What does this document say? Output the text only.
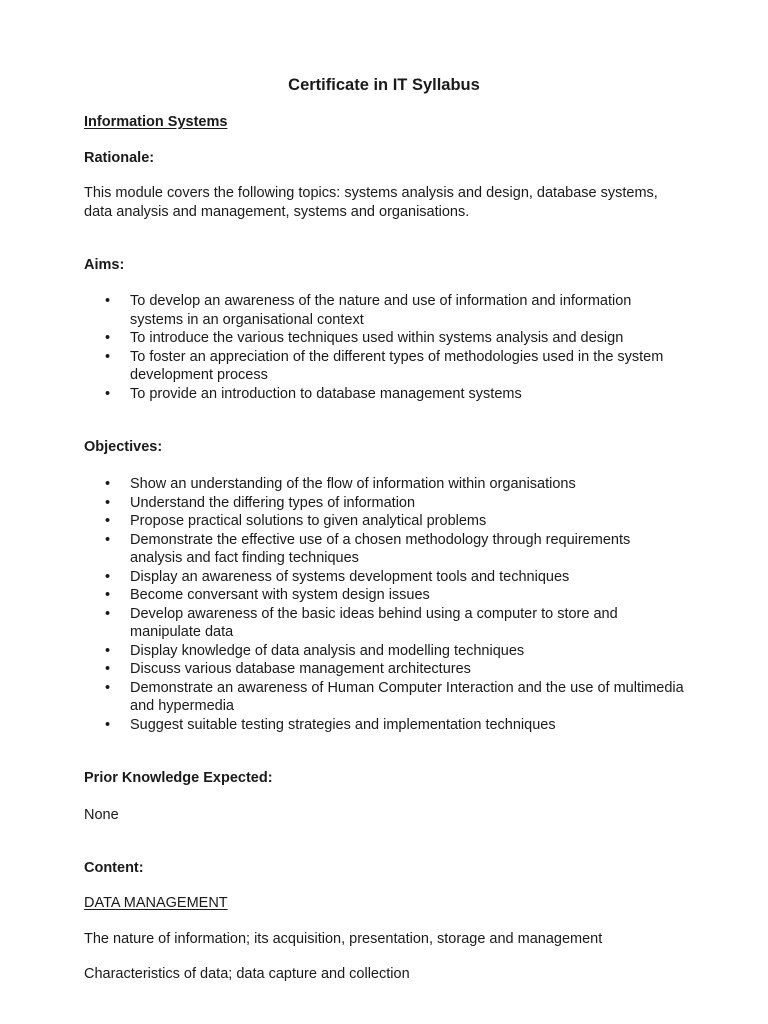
Certificate in IT Syllabus
Information Systems
Rationale:
This module covers the following topics: systems analysis and design, database systems, data analysis and management, systems and organisations.
Aims:
• To develop an awareness of the nature and use of information and information systems in an organisational context
• To introduce the various techniques used within systems analysis and design
• To foster an appreciation of the different types of methodologies used in the system development process
• To provide an introduction to database management systems
Objectives:
• Show an understanding of the flow of information within organisations
• Understand the differing types of information
• Propose practical solutions to given analytical problems
• Demonstrate the effective use of a chosen methodology through requirements analysis and fact finding techniques
• Display an awareness of systems development tools and techniques
• Become conversant with system design issues
• Develop awareness of the basic ideas behind using a computer to store and manipulate data
• Display knowledge of data analysis and modelling techniques
• Discuss various database management architectures
• Demonstrate an awareness of Human Computer Interaction and the use of multimedia and hypermedia
• Suggest suitable testing strategies and implementation techniques
Prior Knowledge Expected:
None
Content:
DATA MANAGEMENT
The nature of information; its acquisition, presentation, storage and management
Characteristics of data; data capture and collection
